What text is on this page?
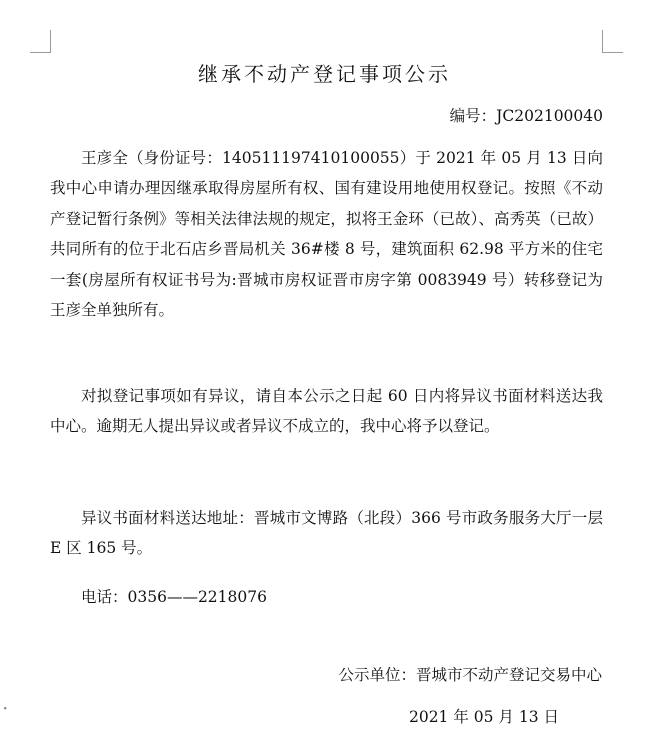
继承不动产登记事项公示
编号：JC202100040

王彦全（身份证号：140511197410100055）于 2021 年 05 月 13 日向我中心申请办理因继承取得房屋所有权、国有建设用地使用权登记。按照《不动产登记暂行条例》等相关法律法规的规定，拟将王金环（已故）、高秀英（已故）共同所有的位于北石店乡晋局机关 36#楼 8 号，建筑面积 62.98 平方米的住宅一套(房屋所有权证书号为:晋城市房权证晋市房字第 0083949 号）转移登记为王彦全单独所有。

对拟登记事项如有异议，请自本公示之日起 60 日内将异议书面材料送达我中心。逾期无人提出异议或者异议不成立的，我中心将予以登记。

异议书面材料送达地址：晋城市文博路（北段）366 号市政务服务大厅一层 E 区 165 号。

电话：0356——2218076

公示单位：晋城市不动产登记交易中心
2021 年 05 月 13 日
∙
